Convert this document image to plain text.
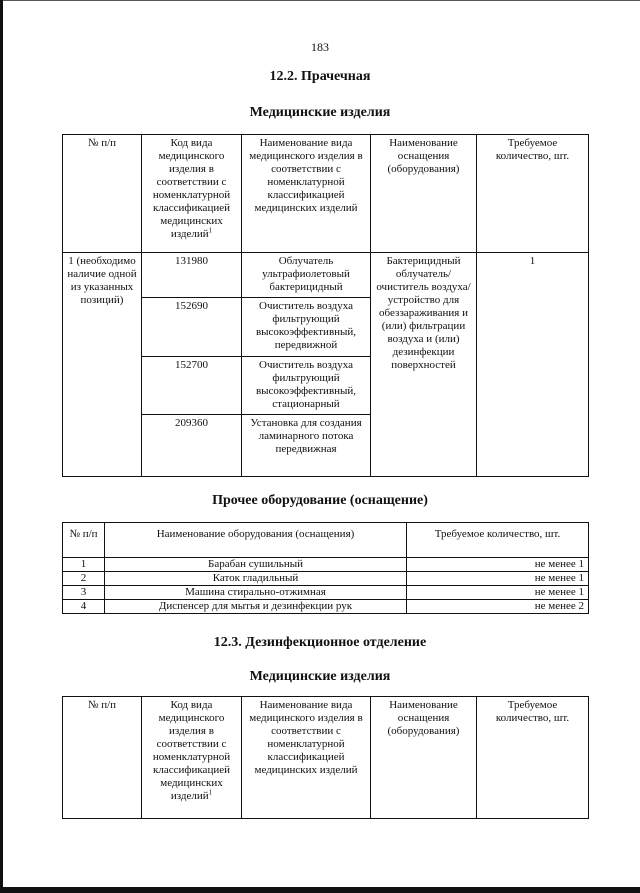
183
12.2. Прачечная
Медицинские изделия
№ п/п	Код вида медицинского изделия в соответствии с номенклатурной классификацией медицинских изделий$^1$	Наименование вида медицинского изделия в соответствии с номенклатурной классификацией медицинских изделий	Наименование оснащения (оборудования)	Требуемое количество, шт.
1 (необходимо наличие одной из указанных позиций)	131980	Облучатель ультрафиолетовый бактерицидный	Бактерицидный облучатель/ очиститель воздуха/ устройство для обеззараживания и (или) фильтрации воздуха и (или) дезинфекции поверхностей	1
	152690	Очиститель воздуха фильтрующий высокоэффективный, передвижной		
	152700	Очиститель воздуха фильтрующий высокоэффективный, стационарный		
	209360	Установка для создания ламинарного потока передвижная		
Прочее оборудование (оснащение)
№ п/п	Наименование оборудования (оснащения)	Требуемое количество, шт.
1	Барабан сушильный	не менее 1
2	Каток гладильный	не менее 1
3	Машина стирально-отжимная	не менее 1
4	Диспенсер для мытья и дезинфекции рук	не менее 2
12.3. Дезинфекционное отделение
Медицинские изделия
№ п/п	Код вида медицинского изделия в соответствии с номенклатурной классификацией медицинских изделий$^1$	Наименование вида медицинского изделия в соответствии с номенклатурной классификацией медицинских изделий	Наименование оснащения (оборудования)	Требуемое количество, шт.
